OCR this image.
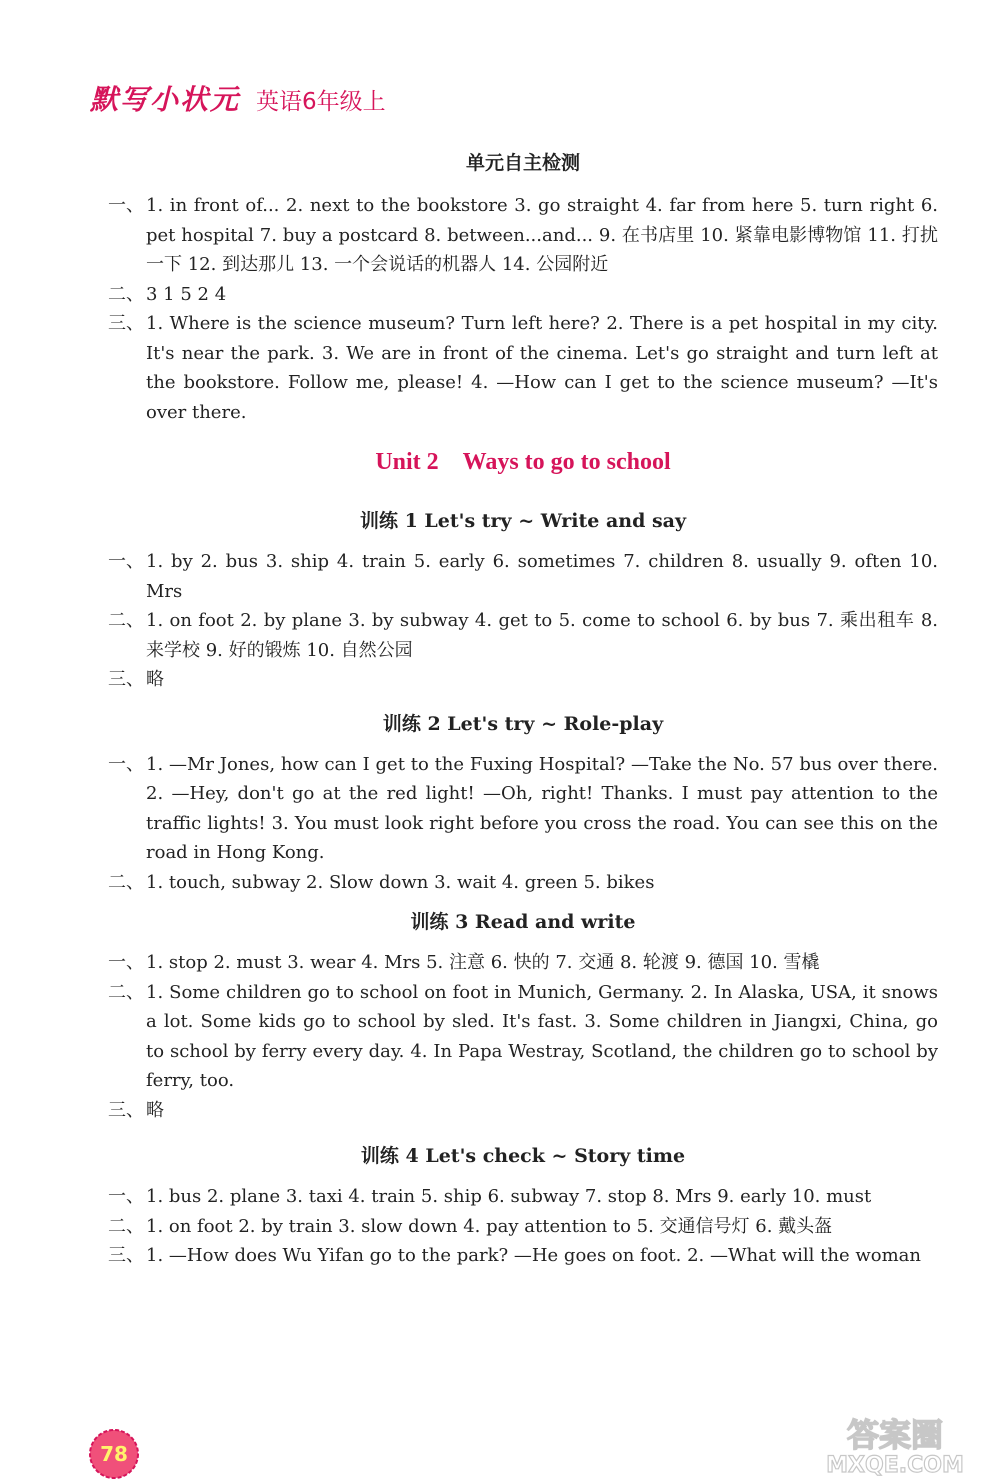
默写小状元 英语6年级上

单元自主检测

一、 1. in front of... 2. next to the bookstore 3. go straight 4. far from here 5. turn right 6. pet hospital 7. buy a postcard 8. between...and... 9. 在书店里 10. 紧靠电影博物馆 11. 打扰一下 12. 到达那儿 13. 一个会说话的机器人 14. 公园附近
二、 3 1 5 2 4
三、 1. Where is the science museum? Turn left here? 2. There is a pet hospital in my city. It's near the park. 3. We are in front of the cinema. Let's go straight and turn left at the bookstore. Follow me, please! 4. —How can I get to the science museum? —It's over there.
Unit 2 Ways to go to school

训练 1 Let's try ~ Write and say

一、 1. by 2. bus 3. ship 4. train 5. early 6. sometimes 7. children 8. usually 9. often 10. Mrs
二、 1. on foot 2. by plane 3. by subway 4. get to 5. come to school 6. by bus 7. 乘出租车 8. 来学校 9. 好的锻炼 10. 自然公园
三、 略

训练 2 Let's try ~ Role-play

一、 1. —Mr Jones, how can I get to the Fuxing Hospital? —Take the No. 57 bus over there. 2. —Hey, don't go at the red light! —Oh, right! Thanks. I must pay attention to the traffic lights! 3. You must look right before you cross the road. You can see this on the road in Hong Kong.
二、 1. touch, subway 2. Slow down 3. wait 4. green 5. bikes

训练 3 Read and write

一、 1. stop 2. must 3. wear 4. Mrs 5. 注意 6. 快的 7. 交通 8. 轮渡 9. 德国 10. 雪橇
二、 1. Some children go to school on foot in Munich, Germany. 2. In Alaska, USA, it snows a lot. Some kids go to school by sled. It's fast. 3. Some children in Jiangxi, China, go to school by ferry every day. 4. In Papa Westray, Scotland, the children go to school by ferry, too.
三、 略

训练 4 Let's check ~ Story time

一、 1. bus 2. plane 3. taxi 4. train 5. ship 6. subway 7. stop 8. Mrs 9. early 10. must
二、 1. on foot 2. by train 3. slow down 4. pay attention to 5. 交通信号灯 6. 戴头盔
三、 1. —How does Wu Yifan go to the park? —He goes on foot. 2. —What will the woman
78	答案圈
MXQE.COM
